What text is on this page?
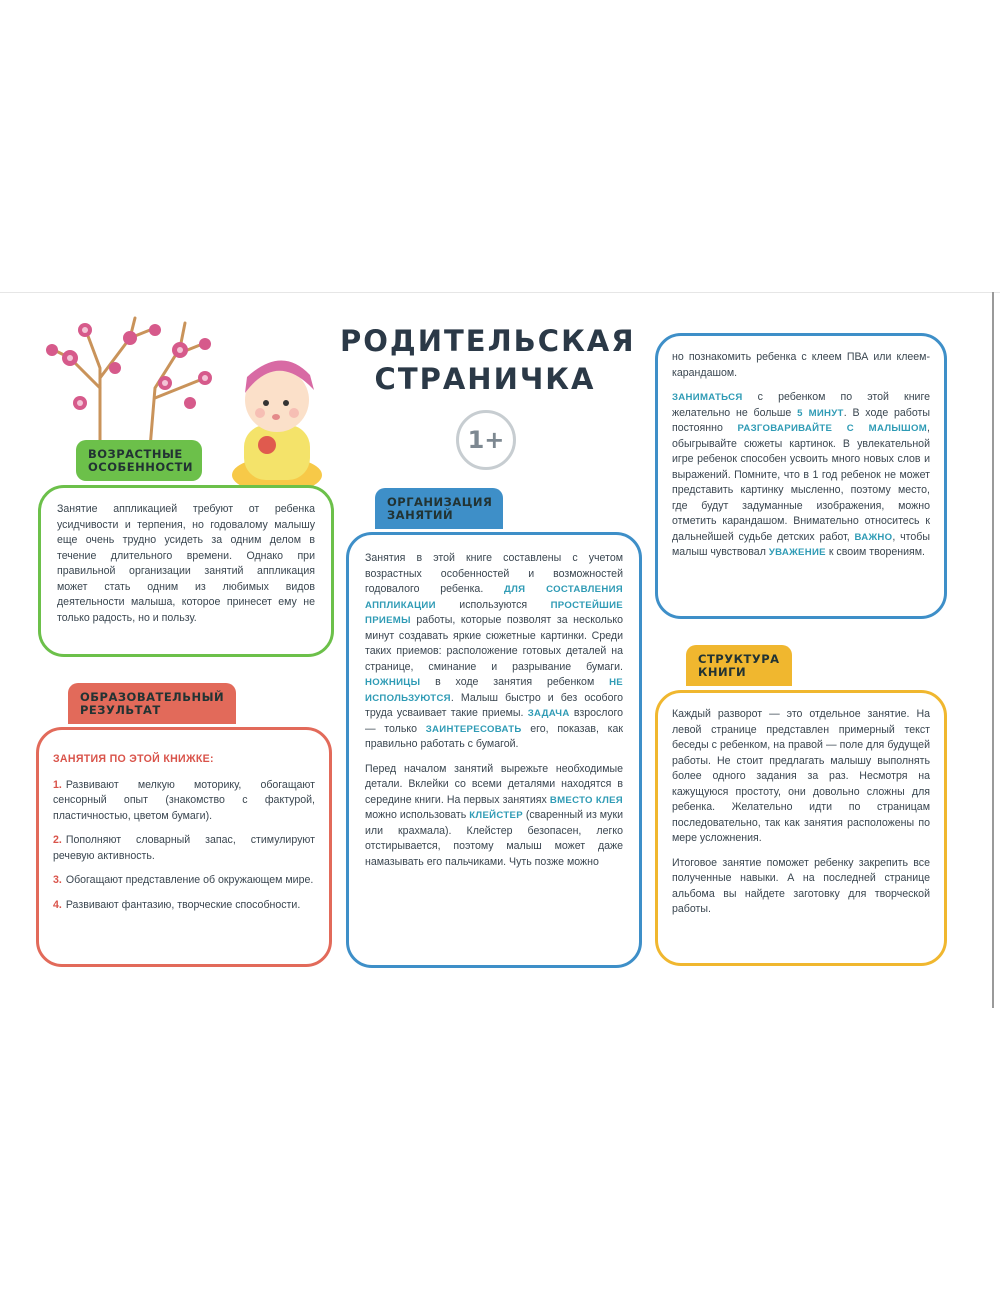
РОДИТЕЛЬСКАЯ
СТРАНИЧКА
1+
ВОЗРАСТНЫЕ ОСОБЕННОСТИ

Занятие аппликацией требуют от ребенка усидчивости и терпения, но годовалому малышу еще очень трудно усидеть за одним делом в течение длительного времени. Однако при правильной организации занятий аппликация может стать одним из любимых видов деятельности малыша, которое принесет ему не только радость, но и пользу.

ОБРАЗОВАТЕЛЬНЫЙ РЕЗУЛЬТАТ

ЗАНЯТИЯ ПО ЭТОЙ КНИЖКЕ:

1. Развивают мелкую моторику, обогащают сенсорный опыт (знакомство с фактурой, пластичностью, цветом бумаги).
2. Пополняют словарный запас, стимулируют речевую активность.
3. Обогащают представление об окружающем мире.
4. Развивают фантазию, творческие способности.
ОРГАНИЗАЦИЯ ЗАНЯТИЙ

Занятия в этой книге составлены с учетом возрастных особенностей и возможностей годовалого ребенка. ДЛЯ СОСТАВЛЕНИЯ АППЛИКАЦИИ используются ПРОСТЕЙШИЕ ПРИЕМЫ работы, которые позволят за несколько минут создавать яркие сюжетные картинки. Среди таких приемов: расположение готовых деталей на странице, сминание и разрывание бумаги. НОЖНИЦЫ в ходе занятия ребенком НЕ ИСПОЛЬЗУЮТСЯ. Малыш быстро и без особого труда усваивает такие приемы. ЗАДАЧА взрослого — только ЗАИНТЕРЕСОВАТЬ его, показав, как правильно работать с бумагой.

Перед началом занятий вырежьте необходимые детали. Вклейки со всеми деталями находятся в середине книги. На первых занятиях ВМЕСТО КЛЕЯ можно использовать КЛЕЙСТЕР (сваренный из муки или крахмала). Клейстер безопасен, легко отстирывается, поэтому малыш может даже намазывать его пальчиками. Чуть позже можно

но познакомить ребенка с клеем ПВА или клеем-карандашом.

ЗАНИМАТЬСЯ с ребенком по этой книге желательно не больше 5 МИНУТ. В ходе работы постоянно РАЗГОВАРИВАЙТЕ С МАЛЫШОМ, обыгрывайте сюжеты картинок. В увлекательной игре ребенок способен усвоить много новых слов и выражений. Помните, что в 1 год ребенок не может представить картинку мысленно, поэтому место, где будут задуманные изображения, можно отметить карандашом. Внимательно относитесь к дальнейшей судьбе детских работ, ВАЖНО, чтобы малыш чувствовал УВАЖЕНИЕ к своим творениям.

СТРУКТУРА КНИГИ

Каждый разворот — это отдельное занятие. На левой странице представлен примерный текст беседы с ребенком, на правой — поле для будущей работы. Не стоит предлагать малышу выполнять более одного задания за раз. Несмотря на кажущуюся простоту, они довольно сложны для ребенка. Желательно идти по страницам последовательно, так как занятия расположены по мере усложнения.

Итоговое занятие поможет ребенку закрепить все полученные навыки. А на последней странице альбома вы найдете заготовку для творческой работы.
